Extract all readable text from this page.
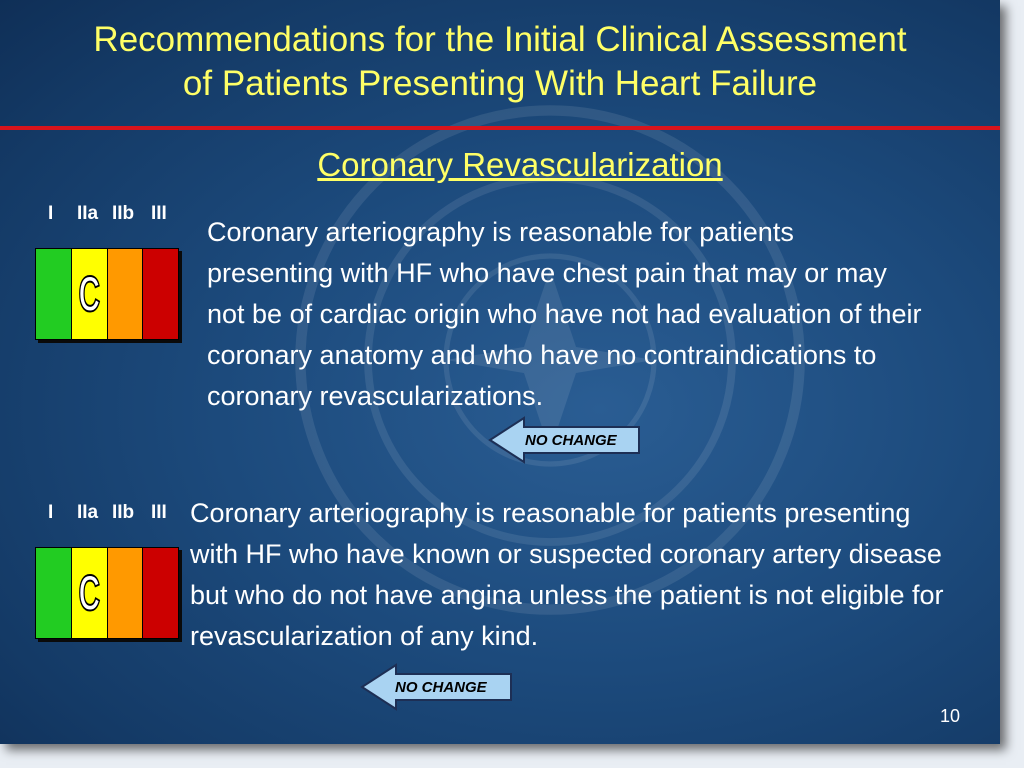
Recommendations for the Initial Clinical Assessment
of Patients Presenting With Heart Failure
Coronary Revascularization
I IIa IIb III
C

Coronary arteriography is reasonable for patients presenting with HF who have chest pain that may or may not be of cardiac origin who have not had evaluation of their coronary anatomy and who have no contraindications to coronary revascularizations.

NO CHANGE
I IIa IIb III
C

Coronary arteriography is reasonable for patients presenting with HF who have known or suspected coronary artery disease but who do not have angina unless the patient is not eligible for revascularization of any kind.

NO CHANGE
10
